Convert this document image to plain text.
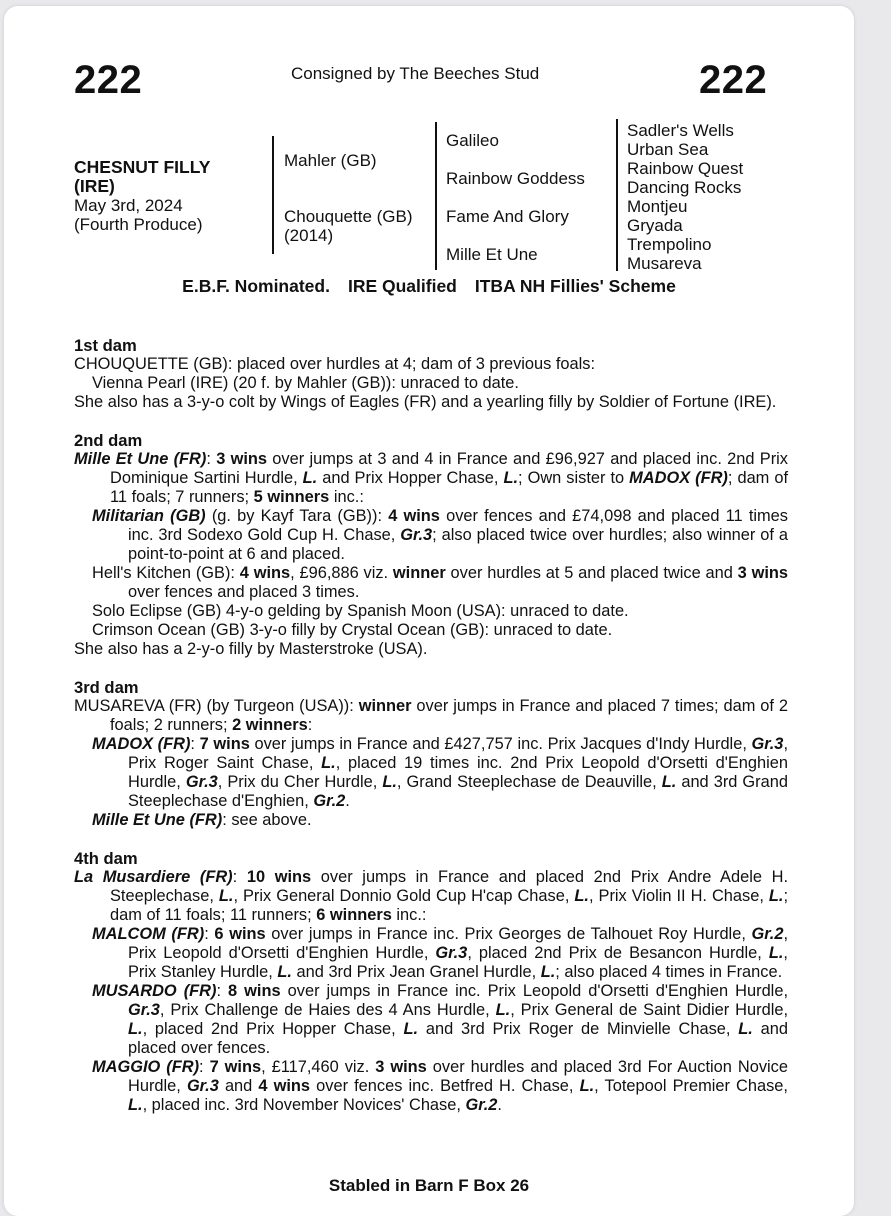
222	Consigned by The Beeches Stud	222
CHESNUT FILLY
(IRE)
May 3rd, 2024
(Fourth Produce)
Mahler (GB)
Chouquette (GB)
(2014)
Galileo
Rainbow Goddess
Fame And Glory
Mille Et Une
Sadler's Wells
Urban Sea
Rainbow Quest
Dancing Rocks
Montjeu
Gryada
Trempolino
Musareva
E.B.F. Nominated. IRE Qualified ITBA NH Fillies' Scheme
1st dam
CHOUQUETTE (GB): placed over hurdles at 4; dam of 3 previous foals:
Vienna Pearl (IRE) (20 f. by Mahler (GB)): unraced to date.
She also has a 3-y-o colt by Wings of Eagles (FR) and a yearling filly by Soldier of Fortune (IRE).
2nd dam
Mille Et Une (FR): 3 wins over jumps at 3 and 4 in France and £96,927 and placed inc. 2nd Prix Dominique Sartini Hurdle, L. and Prix Hopper Chase, L.; Own sister to MADOX (FR); dam of 11 foals; 7 runners; 5 winners inc.:
Militarian (GB) (g. by Kayf Tara (GB)): 4 wins over fences and £74,098 and placed 11 times inc. 3rd Sodexo Gold Cup H. Chase, Gr.3; also placed twice over hurdles; also winner of a point-to-point at 6 and placed.
Hell's Kitchen (GB): 4 wins, £96,886 viz. winner over hurdles at 5 and placed twice and 3 wins over fences and placed 3 times.
Solo Eclipse (GB) 4-y-o gelding by Spanish Moon (USA): unraced to date.
Crimson Ocean (GB) 3-y-o filly by Crystal Ocean (GB): unraced to date.
She also has a 2-y-o filly by Masterstroke (USA).
3rd dam
MUSAREVA (FR) (by Turgeon (USA)): winner over jumps in France and placed 7 times; dam of 2 foals; 2 runners; 2 winners:
MADOX (FR): 7 wins over jumps in France and £427,757 inc. Prix Jacques d'Indy Hurdle, Gr.3, Prix Roger Saint Chase, L., placed 19 times inc. 2nd Prix Leopold d'Orsetti d'Enghien Hurdle, Gr.3, Prix du Cher Hurdle, L., Grand Steeplechase de Deauville, L. and 3rd Grand Steeplechase d'Enghien, Gr.2.
Mille Et Une (FR): see above.
4th dam
La Musardiere (FR): 10 wins over jumps in France and placed 2nd Prix Andre Adele H. Steeplechase, L., Prix General Donnio Gold Cup H'cap Chase, L., Prix Violin II H. Chase, L.; dam of 11 foals; 11 runners; 6 winners inc.:
MALCOM (FR): 6 wins over jumps in France inc. Prix Georges de Talhouet Roy Hurdle, Gr.2, Prix Leopold d'Orsetti d'Enghien Hurdle, Gr.3, placed 2nd Prix de Besancon Hurdle, L., Prix Stanley Hurdle, L. and 3rd Prix Jean Granel Hurdle, L.; also placed 4 times in France.
MUSARDO (FR): 8 wins over jumps in France inc. Prix Leopold d'Orsetti d'Enghien Hurdle, Gr.3, Prix Challenge de Haies des 4 Ans Hurdle, L., Prix General de Saint Didier Hurdle, L., placed 2nd Prix Hopper Chase, L. and 3rd Prix Roger de Minvielle Chase, L. and placed over fences.
MAGGIO (FR): 7 wins, £117,460 viz. 3 wins over hurdles and placed 3rd For Auction Novice Hurdle, Gr.3 and 4 wins over fences inc. Betfred H. Chase, L., Totepool Premier Chase, L., placed inc. 3rd November Novices' Chase, Gr.2.
Stabled in Barn F Box 26
